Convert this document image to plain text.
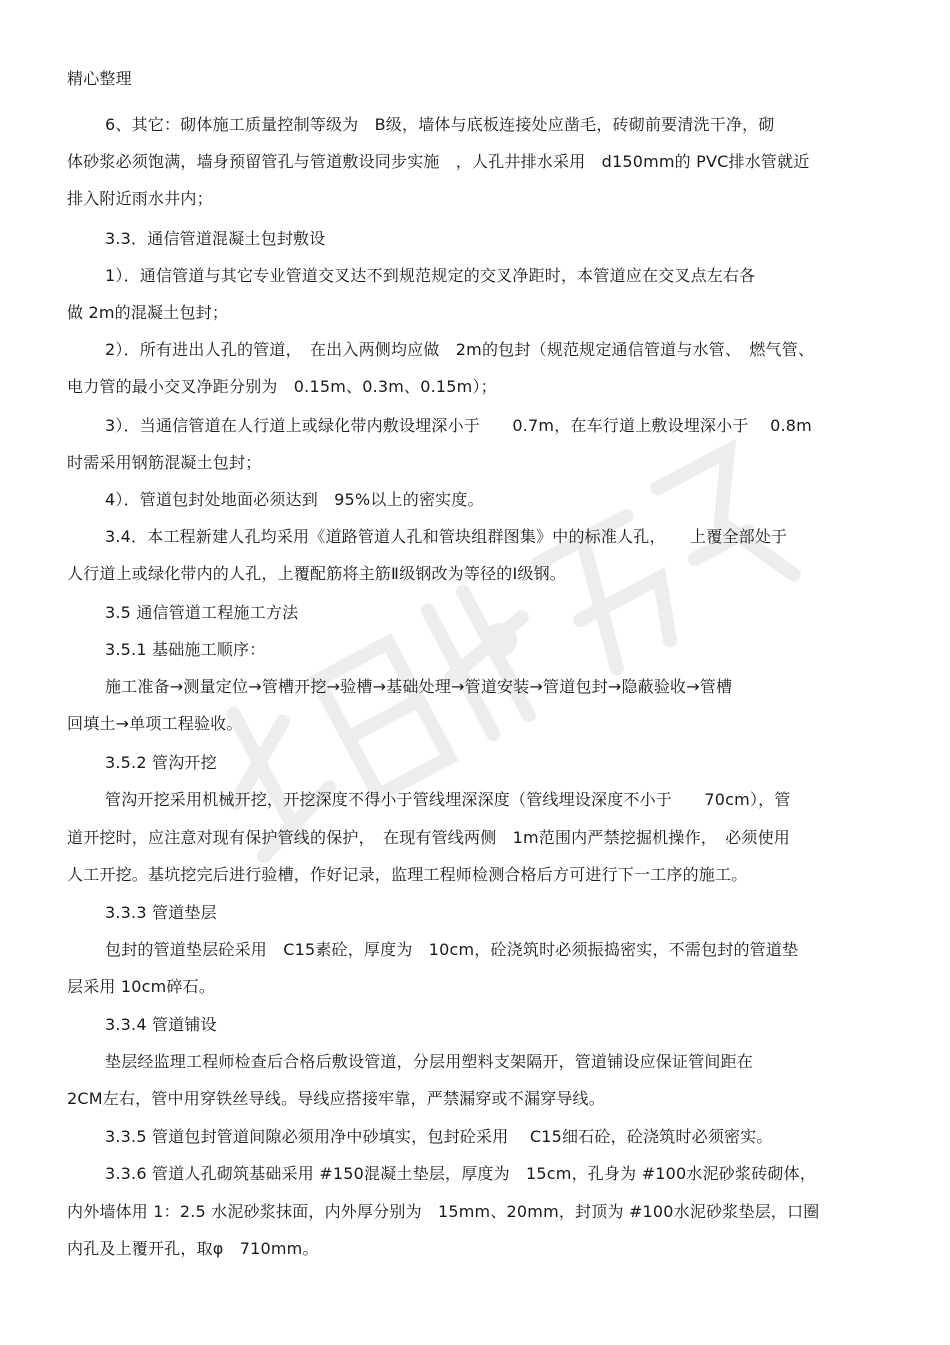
精心整理
6、其它：砌体施工质量控制等级为　B级，墙体与底板连接处应凿毛，砖砌前要清洗干净，砌
体砂浆必须饱满，墙身预留管孔与管道敷设同步实施　，人孔井排水采用　d150mm的 PVC排水管就近
排入附近雨水井内；
3.3．通信管道混凝土包封敷设
1）．通信管道与其它专业管道交叉达不到规范规定的交叉净距时，本管道应在交叉点左右各
做 2m的混凝土包封；
2）．所有进出人孔的管道，　在出入两侧均应做　2m的包封（规范规定通信管道与水管、　燃气管、
电力管的最小交叉净距分别为　0.15m、0.3m、0.15m）；
3）．当通信管道在人行道上或绿化带内敷设埋深小于　　0.7m，在车行道上敷设埋深小于　 0.8m
时需采用钢筋混凝土包封；
4）．管道包封处地面必须达到　95%以上的密实度。
3.4．本工程新建人孔均采用《道路管道人孔和管块组群图集》中的标准人孔，　　上覆全部处于
人行道上或绿化带内的人孔，上覆配筋将主筋Ⅱ级钢改为等径的Ⅰ级钢。
3.5 通信管道工程施工方法
3.5.1 基础施工顺序：
施工准备→测量定位→管槽开挖→验槽→基础处理→管道安装→管道包封→隐蔽验收→管槽
回填土→单项工程验收。
3.5.2 管沟开挖
管沟开挖采用机械开挖，开挖深度不得小于管线埋深深度（管线埋设深度不小于　　70cm），管
道开挖时，应注意对现有保护管线的保护，　在现有管线两侧　1m范围内严禁挖掘机操作，　必须使用
人工开挖。基坑挖完后进行验槽，作好记录，监理工程师检测合格后方可进行下一工序的施工。
3.3.3 管道垫层
包封的管道垫层砼采用　C15素砼，厚度为　10cm，砼浇筑时必须振捣密实，不需包封的管道垫
层采用 10cm碎石。
3.3.4 管道铺设
垫层经监理工程师检查后合格后敷设管道，分层用塑料支架隔开，管道铺设应保证管间距在
2CM左右，管中用穿铁丝导线。导线应搭接牢靠，严禁漏穿或不漏穿导线。
3.3.5 管道包封管道间隙必须用净中砂填实，包封砼采用　 C15细石砼，砼浇筑时必须密实。
3.3.6 管道人孔砌筑基础采用 #150混凝土垫层，厚度为　15cm，孔身为 #100水泥砂浆砖砌体，
内外墙体用 1：2.5 水泥砂浆抹面，内外厚分别为　15mm、20mm，封顶为 #100水泥砂浆垫层，口圈
内孔及上覆开孔，取φ　710mm。
